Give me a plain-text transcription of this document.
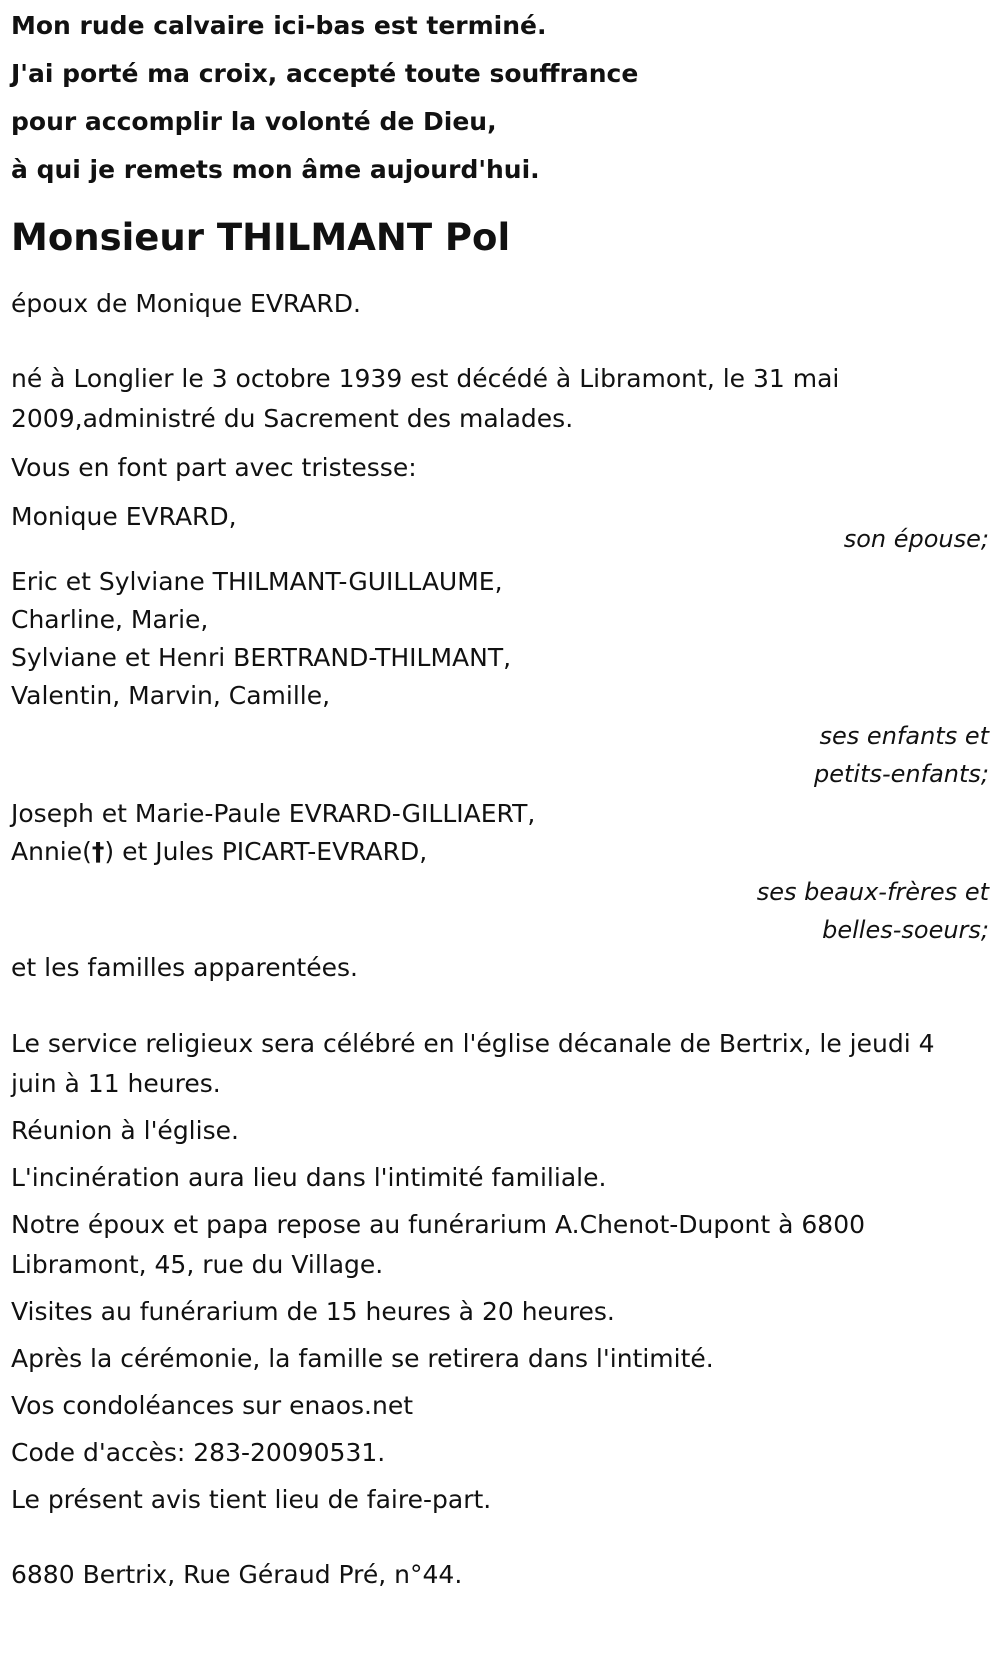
Mon rude calvaire ici-bas est terminé.
J'ai porté ma croix, accepté toute souffrance
pour accomplir la volonté de Dieu,
à qui je remets mon âme aujourd'hui.
Monsieur THILMANT Pol
époux de Monique EVRARD.
né à Longlier le 3 octobre 1939 est décédé à Libramont, le 31 mai
2009,administré du Sacrement des malades.
Vous en font part avec tristesse:
Monique EVRARD,
son épouse;
Eric et Sylviane THILMANT-GUILLAUME,
Charline, Marie,
Sylviane et Henri BERTRAND-THILMANT,
Valentin, Marvin, Camille,
ses enfants et
petits-enfants;
Joseph et Marie-Paule EVRARD-GILLIAERT,
Annie(†) et Jules PICART-EVRARD,
ses beaux-frères et
belles-soeurs;
et les familles apparentées.
Le service religieux sera célébré en l'église décanale de Bertrix, le jeudi 4
juin à 11 heures.
Réunion à l'église.
L'incinération aura lieu dans l'intimité familiale.
Notre époux et papa repose au funérarium A.Chenot-Dupont à 6800
Libramont, 45, rue du Village.
Visites au funérarium de 15 heures à 20 heures.
Après la cérémonie, la famille se retirera dans l'intimité.
Vos condoléances sur enaos.net
Code d'accès: 283-20090531.
Le présent avis tient lieu de faire-part.
6880 Bertrix, Rue Géraud Pré, n°44.
